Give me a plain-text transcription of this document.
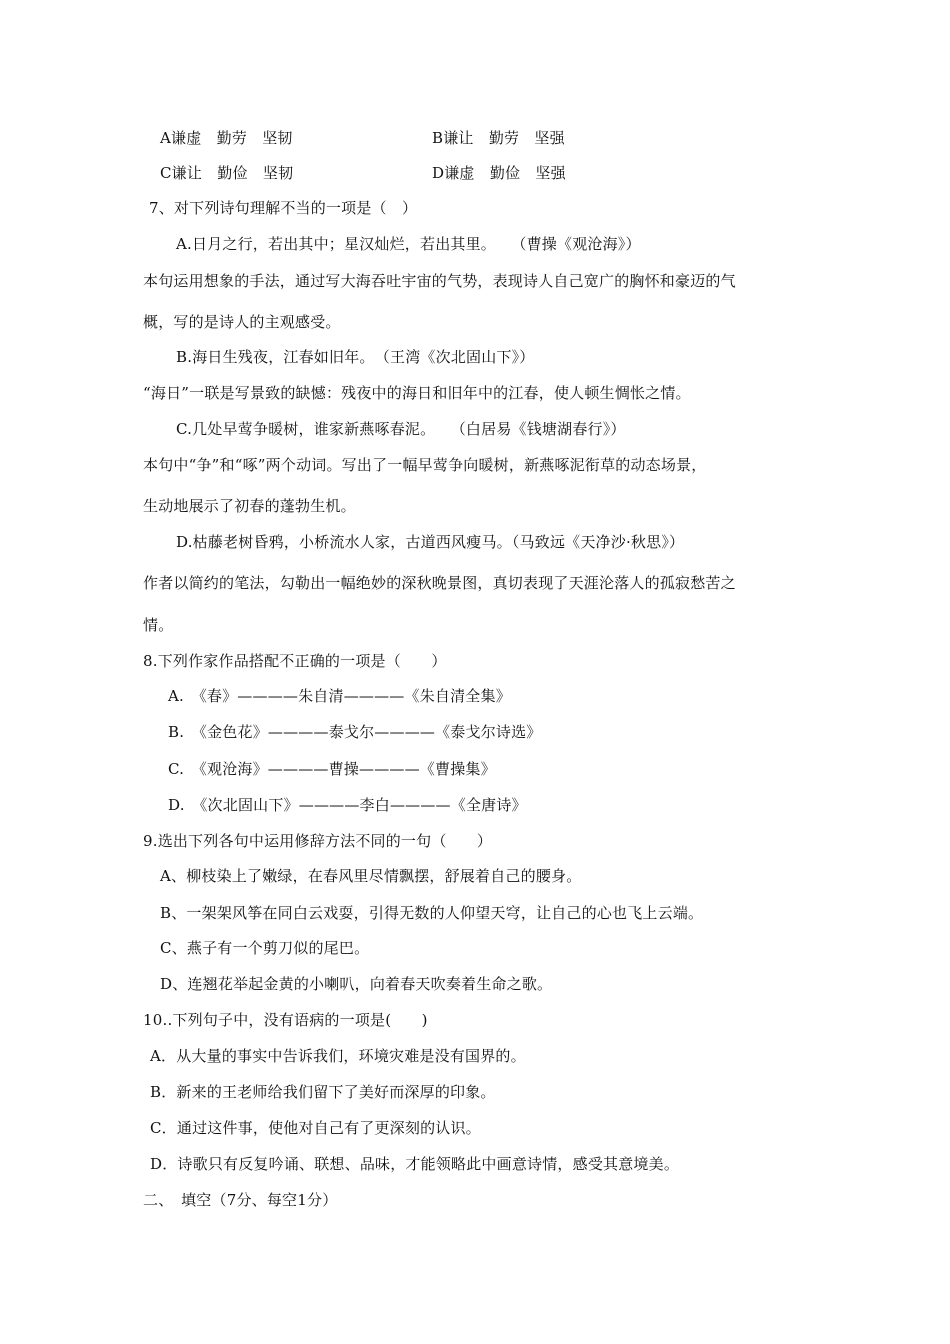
A谦虚　勤劳　坚韧	B谦让　勤劳　坚强
C谦让　勤俭　坚韧	D谦虚　勤俭　坚强
7、对下列诗句理解不当的一项是（　）
A.日月之行，若出其中；星汉灿烂，若出其里。　　（曹操《观沧海》）
本句运用想象的手法，通过写大海吞吐宇宙的气势，表现诗人自己宽广的胸怀和豪迈的气
概，写的是诗人的主观感受。
B.海日生残夜，江春如旧年。　（王湾《次北固山下》）
“海日”一联是写景致的缺憾：残夜中的海日和旧年中的江春，使人顿生惆怅之情。
C.几处早莺争暖树，谁家新燕啄春泥。　　（白居易《钱塘湖春行》）
本句中“争”和“啄”两个动词。写出了一幅早莺争向暖树，新燕啄泥衔草的动态场景，
生动地展示了初春的蓬勃生机。
D.枯藤老树昏鸦，小桥流水人家，古道西风瘦马。（马致远《天净沙·秋思》）
作者以简约的笔法，勾勒出一幅绝妙的深秋晚景图，真切表现了天涯沦落人的孤寂愁苦之
情。
8.下列作家作品搭配不正确的一项是（　　）
A.　《春》————朱自清————《朱自清全集》
B.　《金色花》————泰戈尔————《泰戈尔诗选》
C.　《观沧海》————曹操————《曹操集》
D.　《次北固山下》————李白————《全唐诗》
9.选出下列各句中运用修辞方法不同的一句（　　）
A、柳枝染上了嫩绿，在春风里尽情飘摆，舒展着自己的腰身。
B、一架架风筝在同白云戏耍，引得无数的人仰望天穹，让自己的心也飞上云端。
C、燕子有一个剪刀似的尾巴。
D、连翘花举起金黄的小喇叭，向着春天吹奏着生命之歌。
10..下列句子中，没有语病的一项是(　　)
A．从大量的事实中告诉我们，环境灾难是没有国界的。
B．新来的王老师给我们留下了美好而深厚的印象。
C．通过这件事，使他对自己有了更深刻的认识。
D．诗歌只有反复吟诵、联想、品味，才能领略此中画意诗情，感受其意境美。
二、　填空（7分、每空1分）
